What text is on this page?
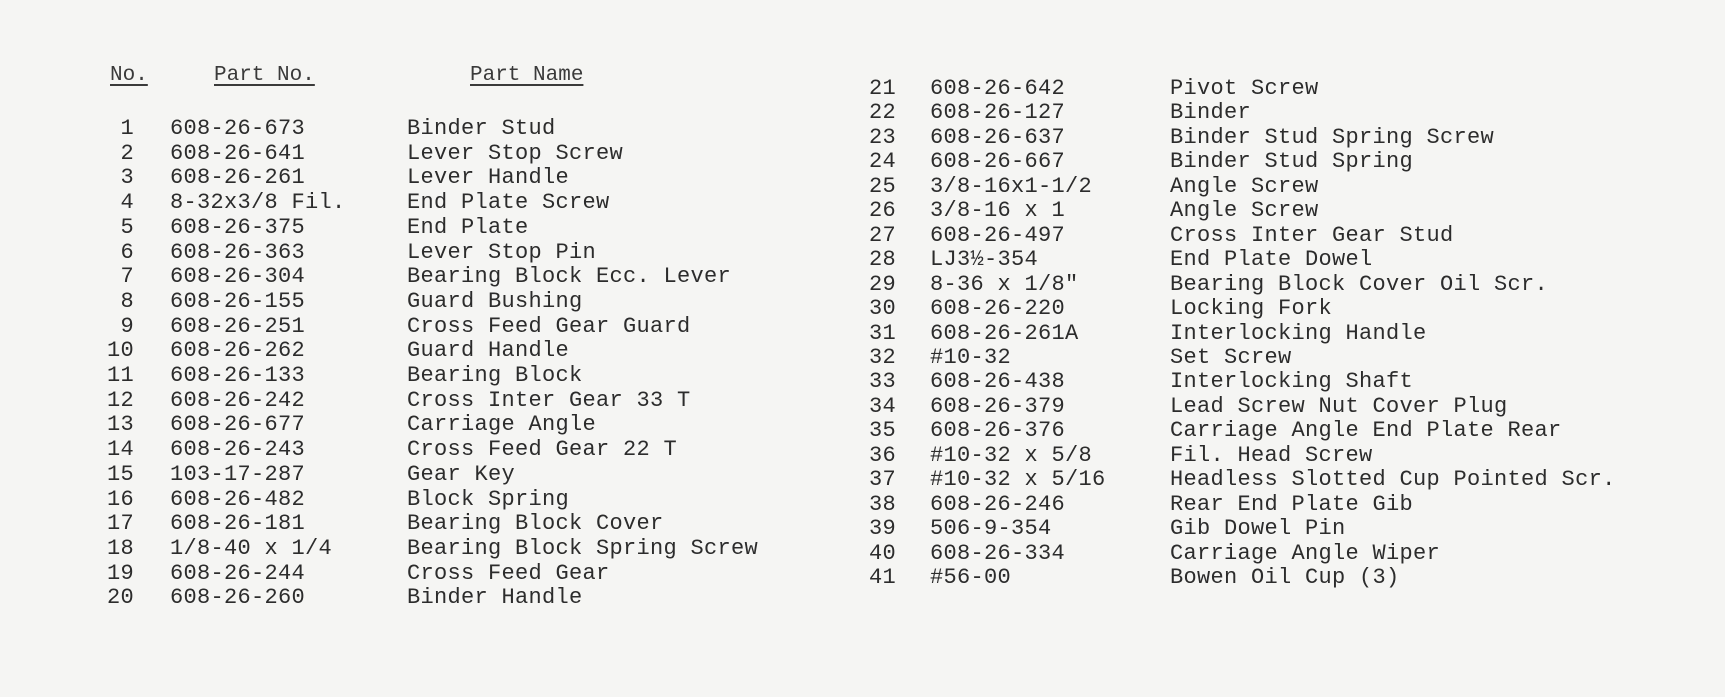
No.	Part No.	Part Name
1 608-26-673	Binder Stud
2 608-26-641	Lever Stop Screw
3 608-26-261	Lever Handle
4 8-32x3/8 Fil.	End Plate Screw
5 608-26-375	End Plate
6 608-26-363	Lever Stop Pin
7 608-26-304	Bearing Block Ecc. Lever
8 608-26-155	Guard Bushing
9 608-26-251	Cross Feed Gear Guard
10 608-26-262	Guard Handle
11 608-26-133	Bearing Block
12 608-26-242	Cross Inter Gear 33 T
13 608-26-677	Carriage Angle
14 608-26-243	Cross Feed Gear 22 T
15 103-17-287	Gear Key
16 608-26-482	Block Spring
17 608-26-181	Bearing Block Cover
18 1/8-40 x 1/4	Bearing Block Spring Screw
19 608-26-244	Cross Feed Gear
20 608-26-260	Binder Handle
21 608-26-642	Pivot Screw
22 608-26-127	Binder
23 608-26-637	Binder Stud Spring Screw
24 608-26-667	Binder Stud Spring
25 3/8-16x1-1/2	Angle Screw
26 3/8-16 x 1	Angle Screw
27 608-26-497	Cross Inter Gear Stud
28 LJ3½-354	End Plate Dowel
29 8-36 x 1/8"	Bearing Block Cover Oil Scr.
30 608-26-220	Locking Fork
31 608-26-261A	Interlocking Handle
32 #10-32	Set Screw
33 608-26-438	Interlocking Shaft
34 608-26-379	Lead Screw Nut Cover Plug
35 608-26-376	Carriage Angle End Plate Rear
36 #10-32 x 5/8	Fil. Head Screw
37 #10-32 x 5/16	Headless Slotted Cup Pointed Scr.
38 608-26-246	Rear End Plate Gib
39 506-9-354	Gib Dowel Pin
40 608-26-334	Carriage Angle Wiper
41 #56-00	Bowen Oil Cup (3)
